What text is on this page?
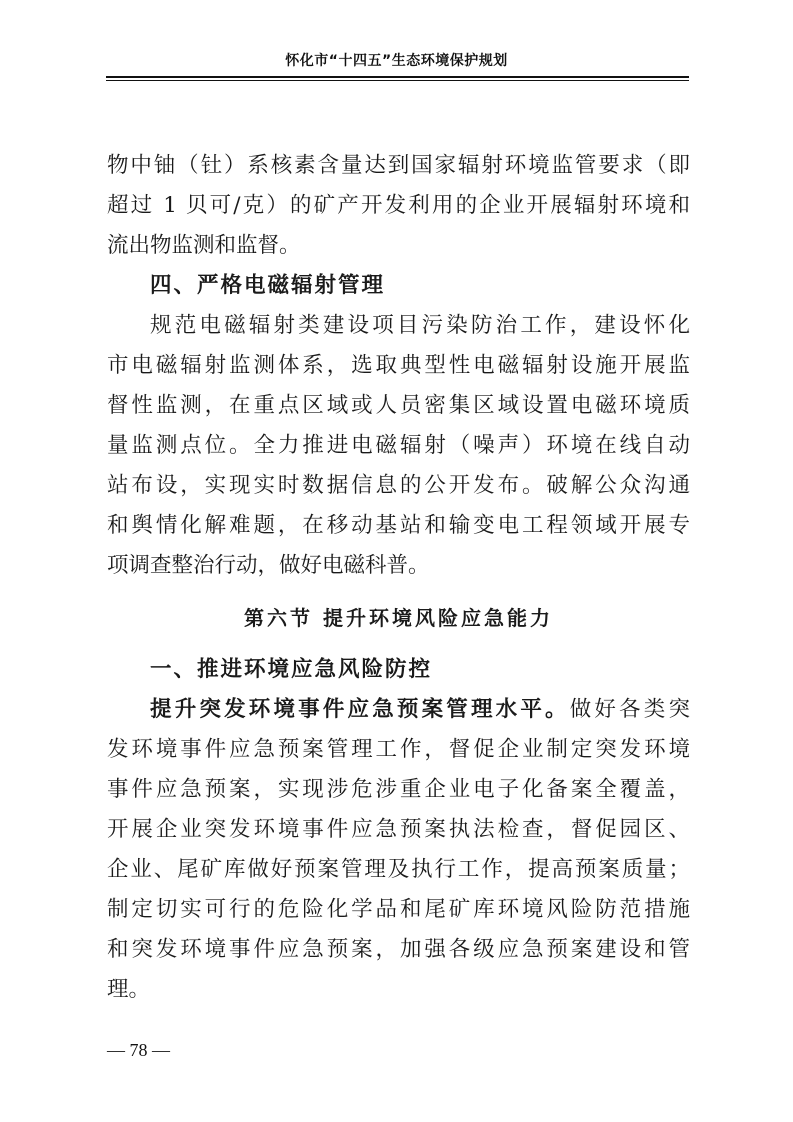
怀化市“十四五”生态环境保护规划
物中铀（钍）系核素含量达到国家辐射环境监管要求（即
超过 1 贝可/克）的矿产开发利用的企业开展辐射环境和
流出物监测和监督。
四、严格电磁辐射管理
规范电磁辐射类建设项目污染防治工作，建设怀化
市电磁辐射监测体系，选取典型性电磁辐射设施开展监
督性监测，在重点区域或人员密集区域设置电磁环境质
量监测点位。全力推进电磁辐射（噪声）环境在线自动
站布设，实现实时数据信息的公开发布。破解公众沟通
和舆情化解难题，在移动基站和输变电工程领域开展专
项调查整治行动，做好电磁科普。
第六节 提升环境风险应急能力
一、推进环境应急风险防控
提升突发环境事件应急预案管理水平。做好各类突
发环境事件应急预案管理工作，督促企业制定突发环境
事件应急预案，实现涉危涉重企业电子化备案全覆盖，
开展企业突发环境事件应急预案执法检查，督促园区、
企业、尾矿库做好预案管理及执行工作，提高预案质量；
制定切实可行的危险化学品和尾矿库环境风险防范措施
和突发环境事件应急预案，加强各级应急预案建设和管
理。
— 78 —
